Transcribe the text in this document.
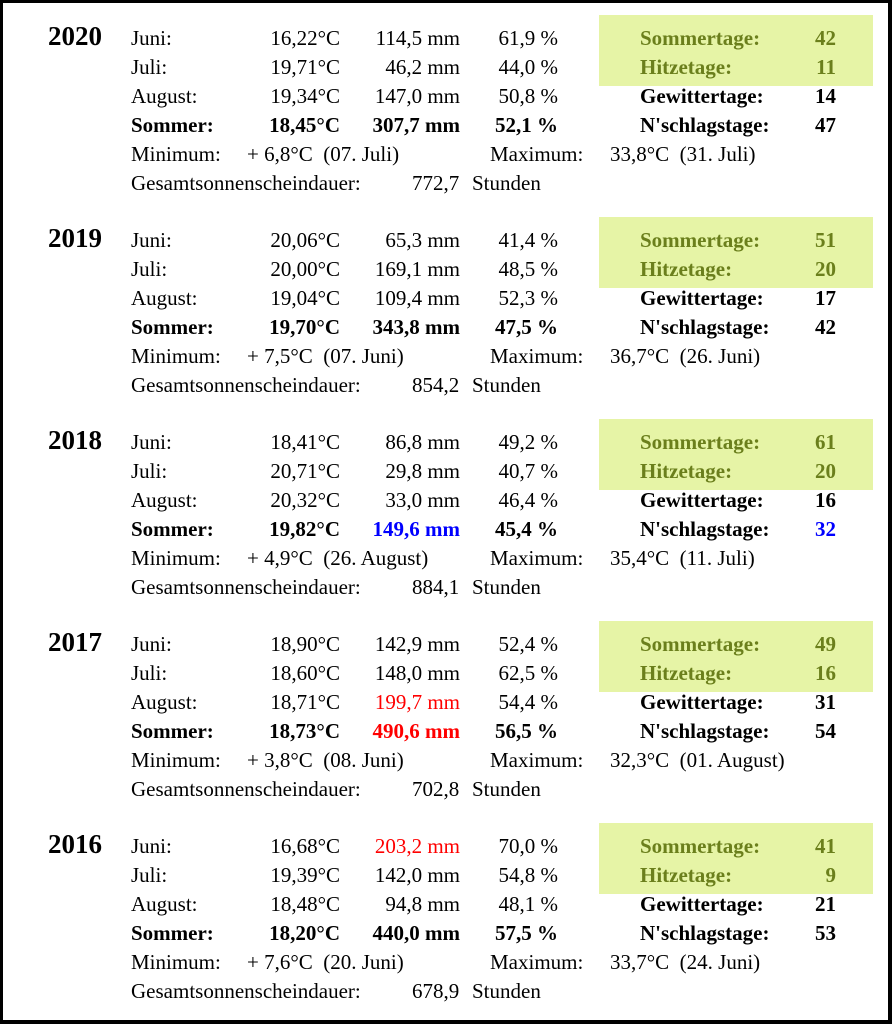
2020 Juni:	16,22°C	114,5 mm	61,9 %
Juli:	19,71°C	46,2 mm	44,0 %
August:	19,34°C	147,0 mm	50,8 %
Sommer:	18,45°C	307,7 mm	52,1 %
Sommertage:	42
Hitzetage:	11
Gewittertage:	14
N'schlagstage:	47
Minimum: + 6,8°C  (07. Juli)	Maximum: 33,8°C  (31. Juli)
Gesamtsonnenscheindauer: 772,7 Stunden
2019 Juni:	20,06°C	65,3 mm	41,4 %
Juli:	20,00°C	169,1 mm	48,5 %
August:	19,04°C	109,4 mm	52,3 %
Sommer:	19,70°C	343,8 mm	47,5 %
Sommertage:	51
Hitzetage:	20
Gewittertage:	17
N'schlagstage:	42
Minimum: + 7,5°C  (07. Juni)	Maximum: 36,7°C  (26. Juni)
Gesamtsonnenscheindauer: 854,2 Stunden
2018 Juni:	18,41°C	86,8 mm	49,2 %
Juli:	20,71°C	29,8 mm	40,7 %
August:	20,32°C	33,0 mm	46,4 %
Sommer:	19,82°C	149,6 mm	45,4 %
Sommertage:	61
Hitzetage:	20
Gewittertage:	16
N'schlagstage:	32
Minimum: + 4,9°C  (26. August)	Maximum: 35,4°C  (11. Juli)
Gesamtsonnenscheindauer: 884,1 Stunden
2017 Juni:	18,90°C	142,9 mm	52,4 %
Juli:	18,60°C	148,0 mm	62,5 %
August:	18,71°C	199,7 mm	54,4 %
Sommer:	18,73°C	490,6 mm	56,5 %
Sommertage:	49
Hitzetage:	16
Gewittertage:	31
N'schlagstage:	54
Minimum: + 3,8°C  (08. Juni)	Maximum: 32,3°C  (01. August)
Gesamtsonnenscheindauer: 702,8 Stunden
2016 Juni:	16,68°C	203,2 mm	70,0 %
Juli:	19,39°C	142,0 mm	54,8 %
August:	18,48°C	94,8 mm	48,1 %
Sommer:	18,20°C	440,0 mm	57,5 %
Sommertage:	41
Hitzetage:	9
Gewittertage:	21
N'schlagstage:	53
Minimum: + 7,6°C  (20. Juni)	Maximum: 33,7°C  (24. Juni)
Gesamtsonnenscheindauer: 678,9 Stunden
